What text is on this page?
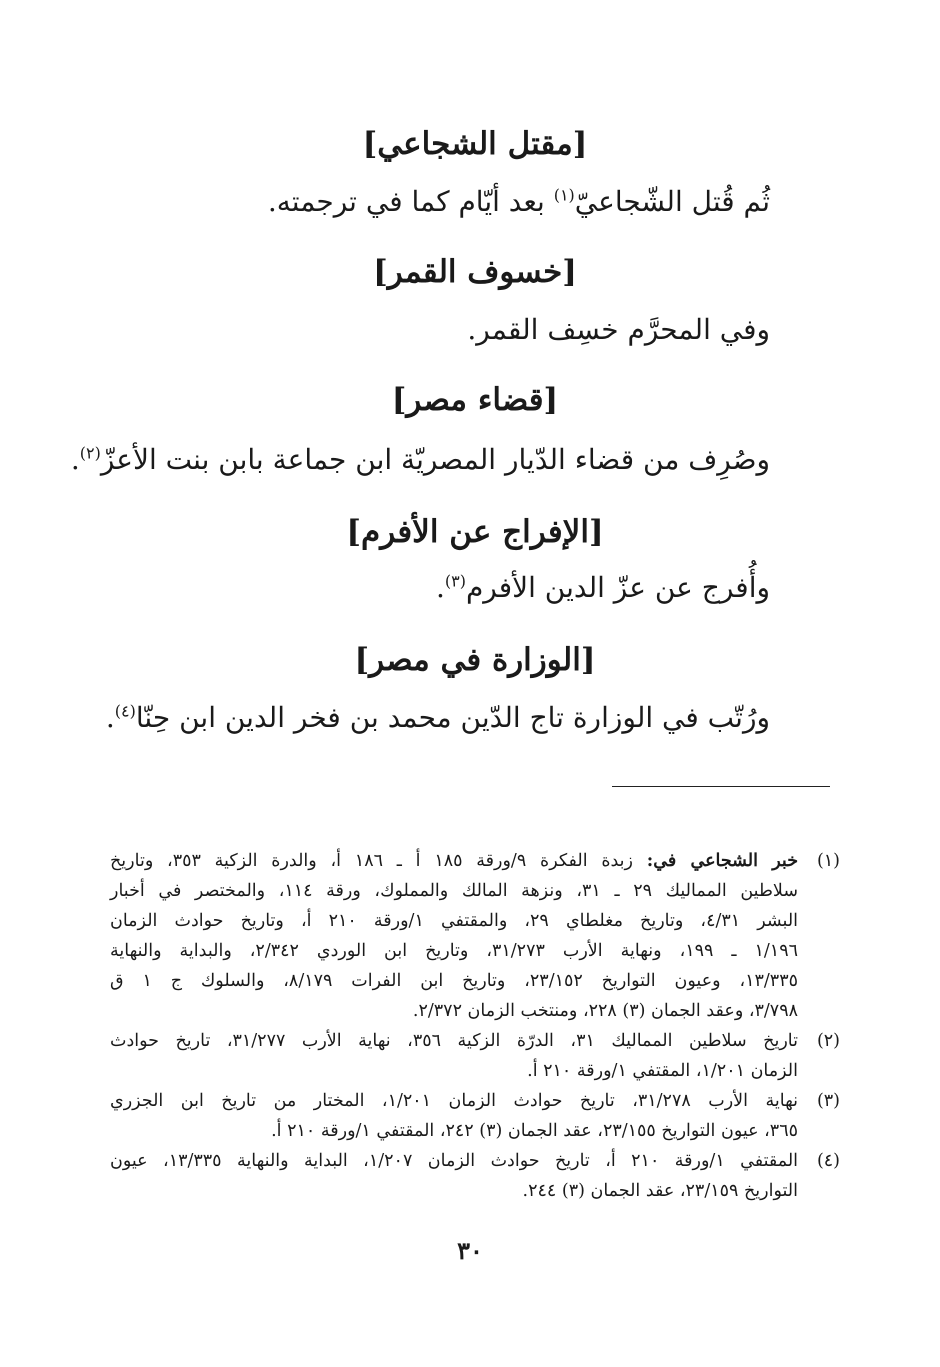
[مقتل الشجاعي]
ثُم قُتل الشّجاعيّ$^{(١)}$ بعد أيّام كما في ترجمته.
[خسوف القمر]
وفي المحرَّم خسِف القمر.
[قضاء مصر]
وصُرِف من قضاء الدّيار المصريّة ابن جماعة بابن بنت الأعزّ$^{(٢)}$.
[الإفراج عن الأفرم]
وأُفرج عن عزّ الدين الأفرم$^{(٣)}$.
[الوزارة في مصر]
ورُتّب في الوزارة تاج الدّين محمد بن فخر الدين ابن حِنّا$^{(٤)}$.
(١)
خبر الشجاعي في: زبدة الفكرة ٩/ورقة ١٨٥ أ ـ ١٨٦ أ، والدرة الزكية ٣٥٣، وتاريخ
سلاطين المماليك ٢٩ ـ ٣١، ونزهة المالك والمملوك، ورقة ١١٤، والمختصر في أخبار
البشر ٤/٣١، وتاريخ مغلطاي ٢٩، والمقتفي ١/ورقة ٢١٠ أ، وتاريخ حوادث الزمان
١/١٩٦ ـ ١٩٩، ونهاية الأرب ٣١/٢٧٣، وتاريخ ابن الوردي ٢/٣٤٢، والبداية والنهاية
١٣/٣٣٥، وعيون التواريخ ٢٣/١٥٢، وتاريخ ابن الفرات ٨/١٧٩، والسلوك ج ١ ق
٣/٧٩٨، وعقد الجمان (٣) ٢٢٨، ومنتخب الزمان ٢/٣٧٢.
(٢)
تاريخ سلاطين المماليك ٣١، الدرّة الزكية ٣٥٦، نهاية الأرب ٣١/٢٧٧، تاريخ حوادث
الزمان ١/٢٠١، المقتفي ١/ورقة ٢١٠ أ.
(٣)
نهاية الأرب ٣١/٢٧٨، تاريخ حوادث الزمان ١/٢٠١، المختار من تاريخ ابن الجزري
٣٦٥، عيون التواريخ ٢٣/١٥٥، عقد الجمان (٣) ٢٤٢، المقتفي ١/ورقة ٢١٠ أ.
(٤)
المقتفي ١/ورقة ٢١٠ أ، تاريخ حوادث الزمان ١/٢٠٧، البداية والنهاية ١٣/٣٣٥، عيون
التواريخ ٢٣/١٥٩، عقد الجمان (٣) ٢٤٤.
٣٠
